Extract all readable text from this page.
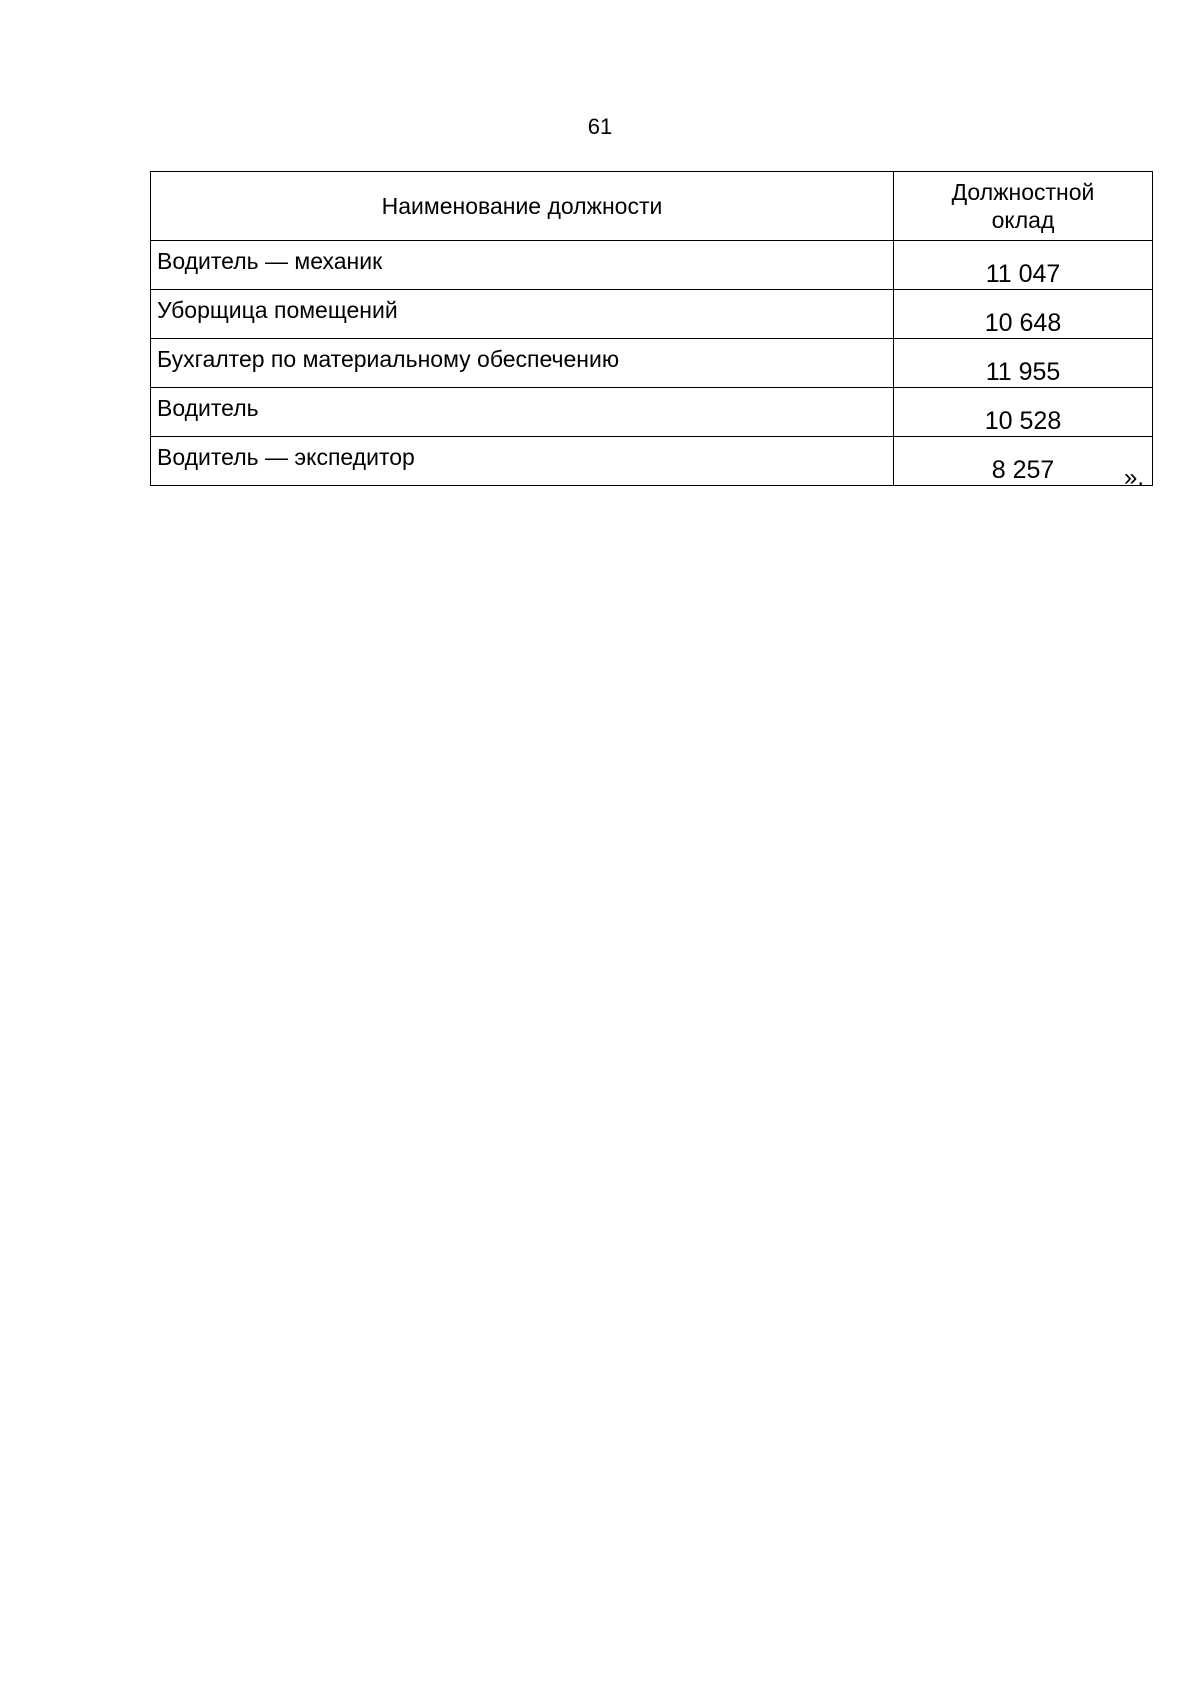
61
Наименование должности	Должностной
оклад
Водитель — механик	11 047
Уборщица помещений	10 648
Бухгалтер по материальному обеспечению	11 955
Водитель	10 528
Водитель — экспедитор	8 257	».
